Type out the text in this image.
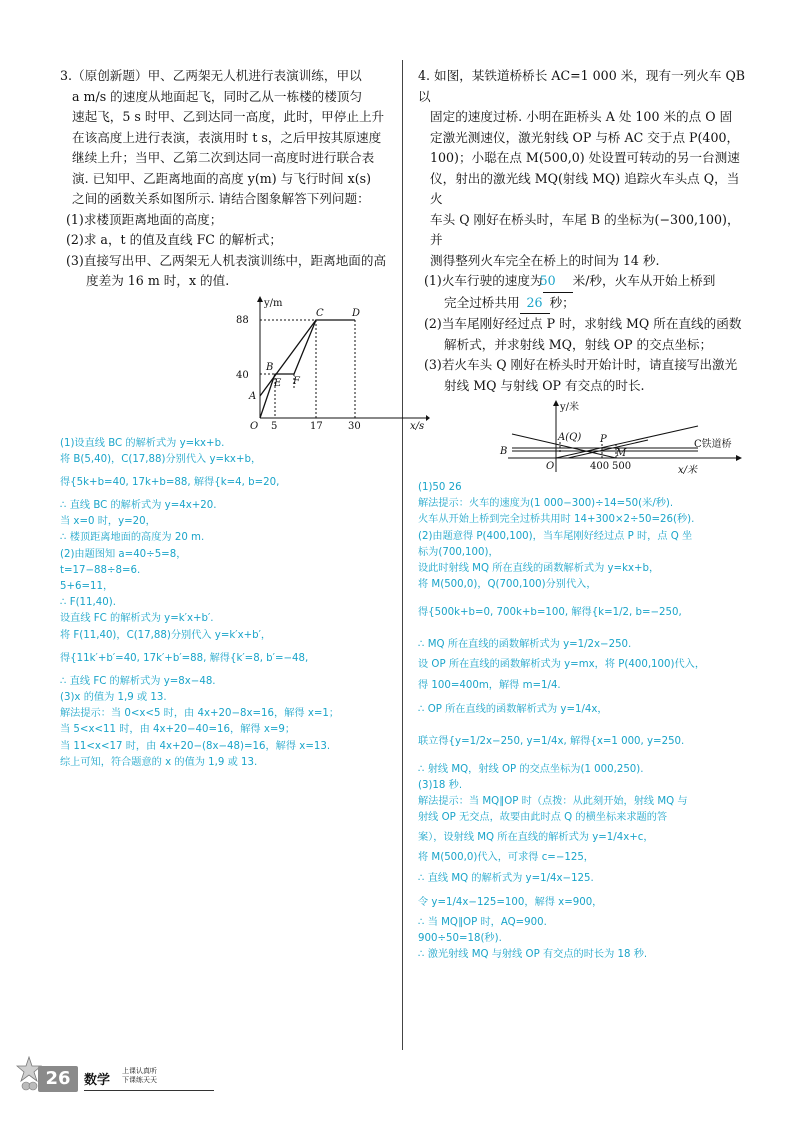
3.（原创新题）甲、乙两架无人机进行表演训练，甲以

a m/s 的速度从地面起飞，同时乙从一栋楼的楼顶匀

速起飞，5 s 时甲、乙到达同一高度，此时，甲停止上升

在该高度上进行表演，表演用时 t s，之后甲按其原速度

继续上升；当甲、乙第二次到达同一高度时进行联合表

演. 已知甲、乙距离地面的高度 y(m) 与飞行时间 x(s)

之间的函数关系如图所示. 请结合图象解答下列问题：

(1)求楼顶距离地面的高度；

(2)求 a，t 的值及直线 FC 的解析式；

(3)直接写出甲、乙两架无人机表演训练中，距离地面的高度差为 16 m 时，x 的值.

y/m
x/s
88
40
O 5	17	30
A
B
C	D
E F
(1)设直线 BC 的解析式为 y=kx+b.
将 B(5,40)，C(17,88)分别代入 y=kx+b，
得{5k+b=40, 17k+b=88, 解得{k=4, b=20,
∴ 直线 BC 的解析式为 y=4x+20.
当 x=0 时，y=20，
∴ 楼顶距离地面的高度为 20 m.
(2)由题图知 a=40÷5=8，
t=17−88÷8=6.
5+6=11，
∴ F(11,40).
设直线 FC 的解析式为 y=k′x+b′.
将 F(11,40)，C(17,88)分别代入 y=k′x+b′，
得{11k′+b′=40, 17k′+b′=88, 解得{k′=8, b′=−48,
∴ 直线 FC 的解析式为 y=8x−48.
(3)x 的值为 1,9 或 13.
解法提示：当 0<x<5 时，由 4x+20−8x=16，解得 x=1；
当 5<x<11 时，由 4x+20−40=16，解得 x=9；
当 11<x<17 时，由 4x+20−(8x−48)=16，解得 x=13.
综上可知，符合题意的 x 的值为 1,9 或 13.

4. 如图，某铁道桥桥长 AC=1 000 米，现有一列火车 QB 以

固定的速度过桥. 小明在距桥头 A 处 100 米的点 O 固

定激光测速仪，激光射线 OP 与桥 AC 交于点 P(400，

100)；小聪在点 M(500,0) 处设置可转动的另一台测速

仪，射出的激光线 MQ(射线 MQ) 追踪火车头点 Q，当火

车头 Q 刚好在桥头时，车尾 B 的坐标为(−300,100)，并

测得整列火车完全在桥上的时间为 14 秒.

(1)火车行驶的速度为50 米/秒，火车从开始上桥到

完全过桥共用 26 秒；

(2)当车尾刚好经过点 P 时，求射线 MQ 所在直线的函数解析式，并求射线 MQ，射线 OP 的交点坐标；

(3)若火车头 Q 刚好在桥头时开始计时，请直接写出激光射线 MQ 与射线 OP 有交点的时长.

y/米
x/米
A(Q) P
B
O
M
400 500
C铁道桥
(1)50 26
解法提示：火车的速度为(1 000−300)÷14=50(米/秒).
火车从开始上桥到完全过桥共用时 14+300×2÷50=26(秒).
(2)由题意得 P(400,100)，当车尾刚好经过点 P 时，点 Q 坐
标为(700,100)，
设此时射线 MQ 所在直线的函数解析式为 y=kx+b，
将 M(500,0)，Q(700,100)分别代入，
得{500k+b=0, 700k+b=100, 解得{k=1/2, b=−250,
∴ MQ 所在直线的函数解析式为 y=1/2x−250.
设 OP 所在直线的函数解析式为 y=mx，将 P(400,100)代入，
得 100=400m，解得 m=1/4.
∴ OP 所在直线的函数解析式为 y=1/4x，
联立得{y=1/2x−250, y=1/4x, 解得{x=1 000, y=250.
∴ 射线 MQ，射线 OP 的交点坐标为(1 000,250).
(3)18 秒.
解法提示：当 MQ∥OP 时（点拨：从此刻开始，射线 MQ 与
射线 OP 无交点，故要由此时点 Q 的横坐标来求题的答
案），设射线 MQ 所在直线的解析式为 y=1/4x+c，
将 M(500,0)代入，可求得 c=−125，
∴ 直线 MQ 的解析式为 y=1/4x−125.
令 y=1/4x−125=100，解得 x=900，
∴ 当 MQ∥OP 时，AQ=900.
900÷50=18(秒).
∴ 激光射线 MQ 与射线 OP 有交点的时长为 18 秒.
26	数学
上课认真听
下课练天天
